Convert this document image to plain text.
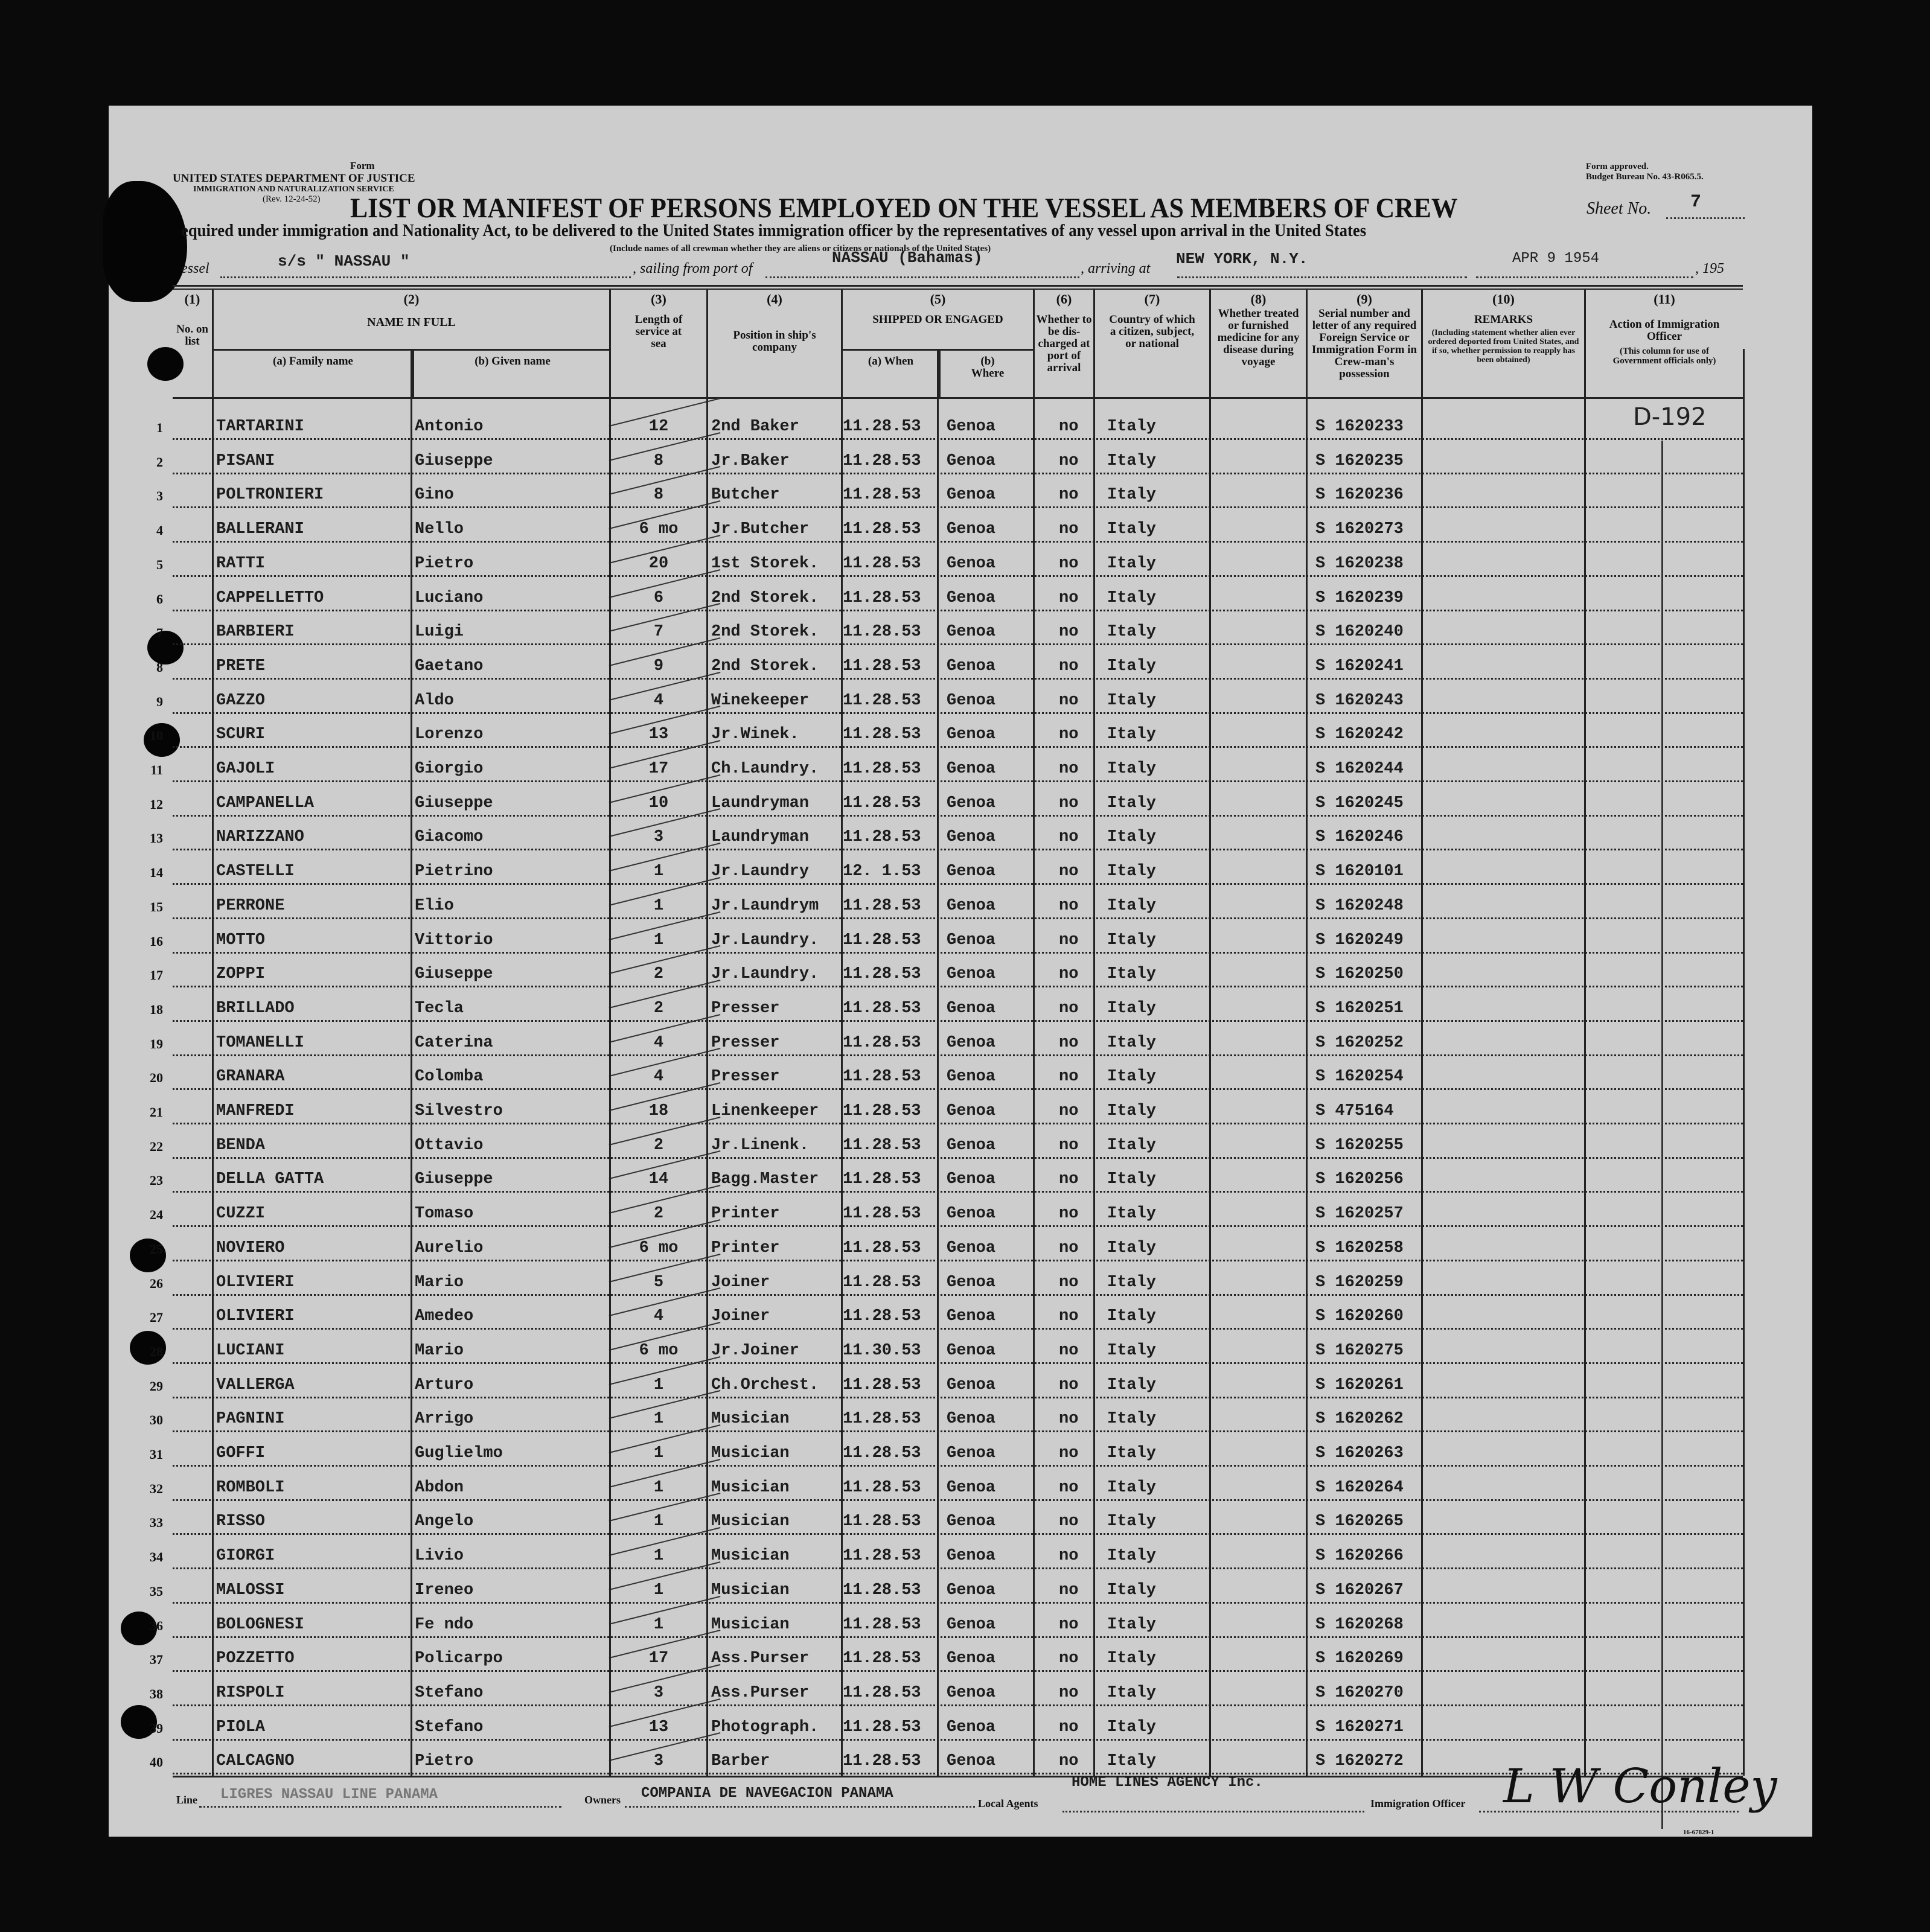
Form
UNITED STATES DEPARTMENT OF JUSTICE
IMMIGRATION AND NATURALIZATION SERVICE
(Rev. 12-24-52)
Form approved.
Budget Bureau No. 43-R065.5.
LIST OR MANIFEST OF PERSONS EMPLOYED ON THE VESSEL AS MEMBERS OF CREW	Sheet No. 7
equired under immigration and Nationality Act, to be delivered to the United States immigration officer by the representatives of any vessel upon arrival in the United States
(Include names of all crewman whether they are aliens or citizens or nationals of the United States)
essel	s/s " NASSAU "	, sailing from port of
NASSAU (Bahamas)
, arriving at
NEW YORK, N.Y.	APR 9 1954
, 195
(1)
No. on list
(2)
NAME IN FULL
(a) Family name	(b) Given name
(3)
Length of service at sea
(4)
Position in ship's company
(5)
SHIPPED OR ENGAGED
(a) When	(b) Where
(6)
Whether to be dis-charged at port of arrival
(7)
Country of which a citizen, subject, or national
(8)
Whether treated or furnished medicine for any disease during voyage
(9)
Serial number and letter of any required Foreign Service or Immigration Form in Crew-man's possession
(10)
REMARKS
(Including statement whether alien ever ordered deported from United States, and if so, whether permission to reapply has been obtained)
(11)
Action of Immigration Officer
(This column for use of Government officials only)
1	TARTARINI	Antonio	12	2nd Baker	11.28.53 Genoa	no Italy	S 1620233
2	PISANI	Giuseppe	8	Jr.Baker	11.28.53 Genoa	no Italy	S 1620235
3	POLTRONIERI	Gino	8	Butcher	11.28.53 Genoa	no Italy	S 1620236
4	BALLERANI	Nello	6 mo	Jr.Butcher 11.28.53 Genoa	no Italy	S 1620273
5	RATTI	Pietro	20	1st Storek. 11.28.53 Genoa	no Italy	S 1620238
6	CAPPELLETTO	Luciano	6	2nd Storek. 11.28.53 Genoa	no Italy	S 1620239
7	BARBIERI	Luigi	7	2nd Storek. 11.28.53 Genoa	no Italy	S 1620240
8	PRETE	Gaetano	9	2nd Storek. 11.28.53 Genoa	no Italy	S 1620241
9	GAZZO	Aldo	4	Winekeeper 11.28.53 Genoa	no Italy	S 1620243
10	SCURI	Lorenzo	13	Jr.Winek.	11.28.53 Genoa	no Italy	S 1620242
11	GAJOLI	Giorgio	17	Ch.Laundry. 11.28.53 Genoa	no Italy	S 1620244
12	CAMPANELLA	Giuseppe	10	Laundryman 11.28.53 Genoa	no Italy	S 1620245
13	NARIZZANO	Giacomo	3	Laundryman 11.28.53 Genoa	no Italy	S 1620246
14	CASTELLI	Pietrino	1	Jr.Laundry 12. 1.53 Genoa	no Italy	S 1620101
15	PERRONE	Elio	1	Jr.Laundrym 11.28.53 Genoa	no Italy	S 1620248
16	MOTTO	Vittorio	1	Jr.Laundry. 11.28.53 Genoa	no Italy	S 1620249
17	ZOPPI	Giuseppe	2	Jr.Laundry. 11.28.53 Genoa	no Italy	S 1620250
18	BRILLADO	Tecla	2	Presser	11.28.53 Genoa	no Italy	S 1620251
19	TOMANELLI	Caterina	4	Presser	11.28.53 Genoa	no Italy	S 1620252
20	GRANARA	Colomba	4	Presser	11.28.53 Genoa	no Italy	S 1620254
21	MANFREDI	Silvestro	18	Linenkeeper 11.28.53 Genoa	no Italy	S 475164
22	BENDA	Ottavio	2	Jr.Linenk. 11.28.53 Genoa	no Italy	S 1620255
23	DELLA GATTA	Giuseppe	14	Bagg.Master 11.28.53 Genoa	no Italy	S 1620256
24	CUZZI	Tomaso	2	Printer	11.28.53 Genoa	no Italy	S 1620257
25	NOVIERO	Aurelio	6 mo	Printer	11.28.53 Genoa	no Italy	S 1620258
26	OLIVIERI	Mario	5	Joiner	11.28.53 Genoa	no Italy	S 1620259
27	OLIVIERI	Amedeo	4	Joiner	11.28.53 Genoa	no Italy	S 1620260
28	LUCIANI	Mario	6 mo	Jr.Joiner	11.30.53 Genoa	no Italy	S 1620275
29	VALLERGA	Arturo	1	Ch.Orchest. 11.28.53 Genoa	no Italy	S 1620261
30	PAGNINI	Arrigo	1	Musician	11.28.53 Genoa	no Italy	S 1620262
31	GOFFI	Guglielmo	1	Musician	11.28.53 Genoa	no Italy	S 1620263
32	ROMBOLI	Abdon	1	Musician	11.28.53 Genoa	no Italy	S 1620264
33	RISSO	Angelo	1	Musician	11.28.53 Genoa	no Italy	S 1620265
34	GIORGI	Livio	1	Musician	11.28.53 Genoa	no Italy	S 1620266
35	MALOSSI	Ireneo	1	Musician	11.28.53 Genoa	no Italy	S 1620267
36	BOLOGNESI	Fe ndo	1	Musician	11.28.53 Genoa	no Italy	S 1620268
37	POZZETTO	Policarpo	17	Ass.Purser 11.28.53 Genoa	no Italy	S 1620269
38	RISPOLI	Stefano	3	Ass.Purser 11.28.53 Genoa	no Italy	S 1620270
39	PIOLA	Stefano	13	Photograph. 11.28.53 Genoa	no Italy	S 1620271
40	CALCAGNO	Pietro	3	Barber	11.28.53 Genoa	no Italy	S 1620272
D-192
Line LIGRES NASSAU LINE PANAMA	Owners COMPANIA DE NAVEGACION PANAMA
Local Agents
HOME LINES AGENCY Inc.
Immigration Officer L W Conley
16-67829-1
